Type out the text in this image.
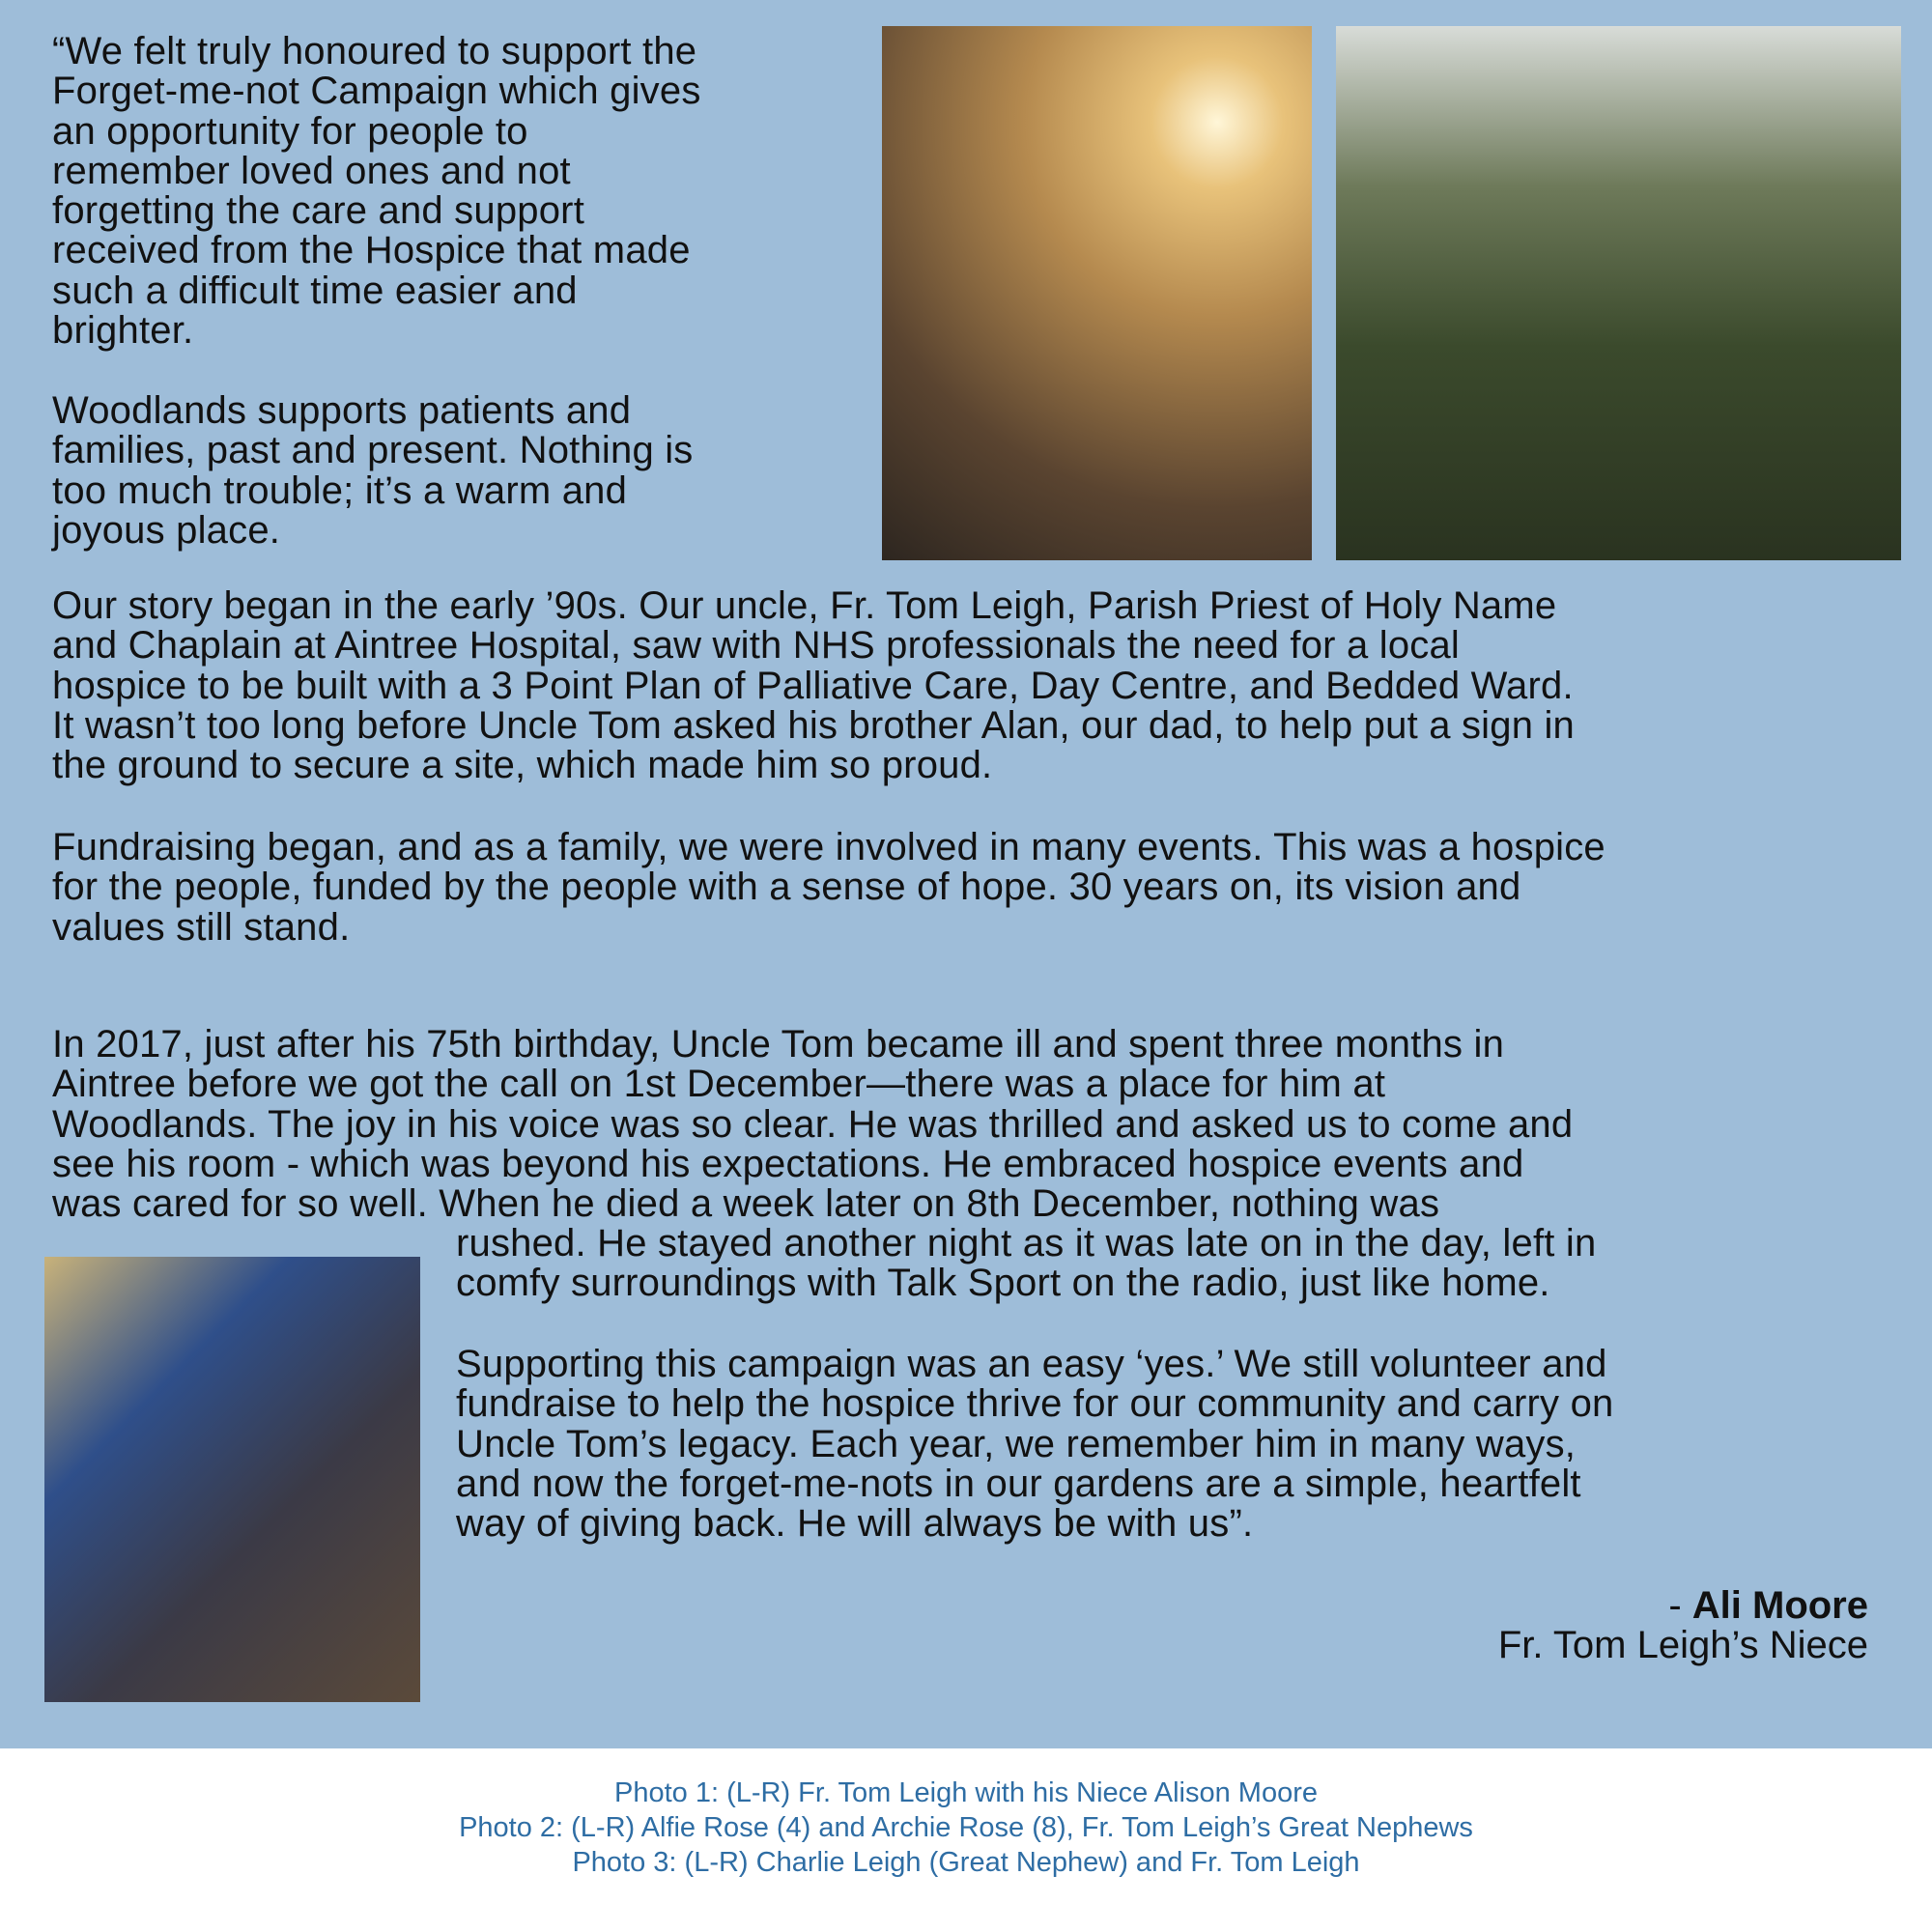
“We felt truly honoured to support the
Forget-me-not Campaign which gives
an opportunity for people to
remember loved ones and not
forgetting the care and support
received from the Hospice that made
such a difficult time easier and
brighter.
Woodlands supports patients and
families, past and present. Nothing is
too much trouble; it’s a warm and
joyous place.
Our story began in the early ’90s. Our uncle, Fr. Tom Leigh, Parish Priest of Holy Name
and Chaplain at Aintree Hospital, saw with NHS professionals the need for a local
hospice to be built with a 3 Point Plan of Palliative Care, Day Centre, and Bedded Ward.
It wasn’t too long before Uncle Tom asked his brother Alan, our dad, to help put a sign in
the ground to secure a site, which made him so proud.
Fundraising began, and as a family, we were involved in many events. This was a hospice
for the people, funded by the people with a sense of hope. 30 years on, its vision and
values still stand.
In 2017, just after his 75th birthday, Uncle Tom became ill and spent three months in
Aintree before we got the call on 1st December—there was a place for him at
Woodlands. The joy in his voice was so clear. He was thrilled and asked us to come and
see his room - which was beyond his expectations. He embraced hospice events and
was cared for so well. When he died a week later on 8th December, nothing was
rushed. He stayed another night as it was late on in the day, left in
comfy surroundings with Talk Sport on the radio, just like home.
Supporting this campaign was an easy ‘yes.’ We still volunteer and
fundraise to help the hospice thrive for our community and carry on
Uncle Tom’s legacy. Each year, we remember him in many ways,
and now the forget-me-nots in our gardens are a simple, heartfelt
way of giving back. He will always be with us”.
- Ali Moore
Fr. Tom Leigh’s Niece
Photo 1: (L-R) Fr. Tom Leigh with his Niece Alison Moore
Photo 2: (L-R) Alfie Rose (4) and Archie Rose (8), Fr. Tom Leigh’s Great Nephews
Photo 3: (L-R) Charlie Leigh (Great Nephew) and Fr. Tom Leigh
